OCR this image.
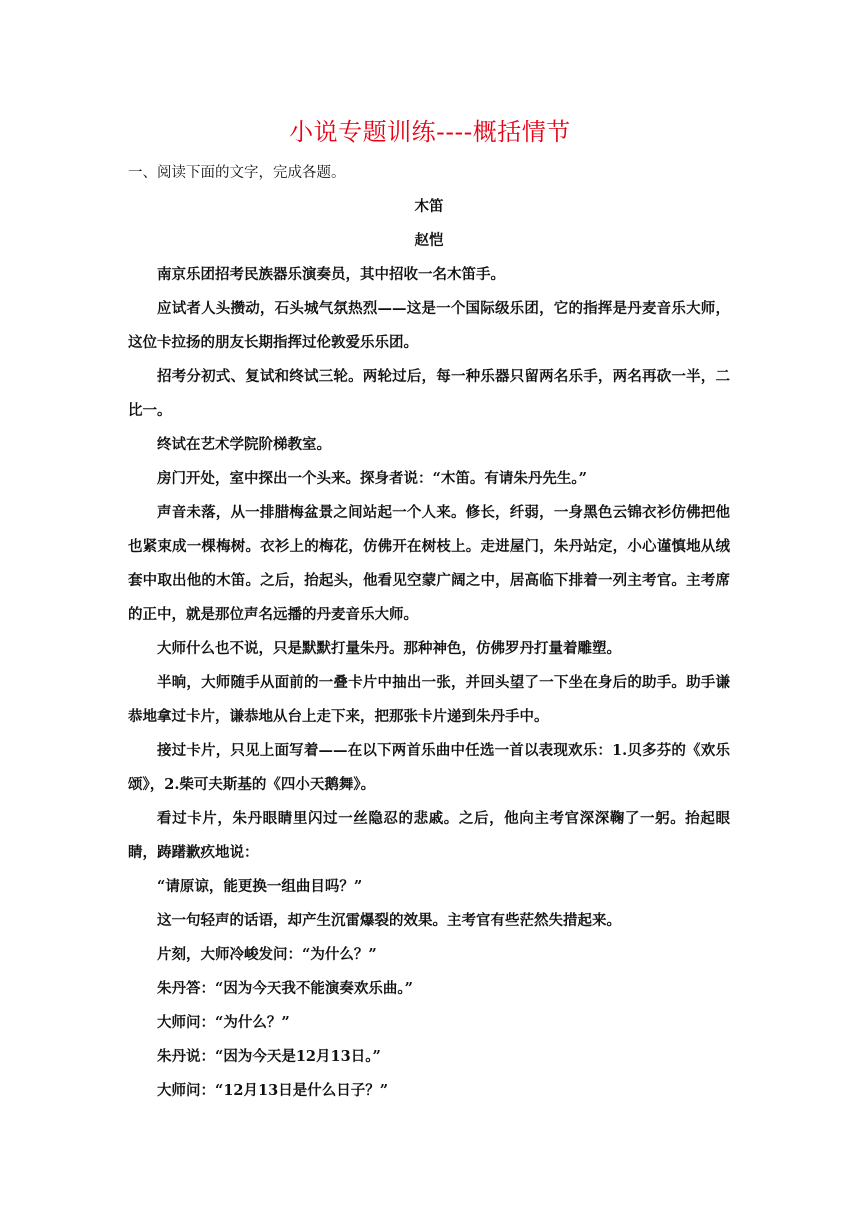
小说专题训练----概括情节

一、阅读下面的文字，完成各题。

木笛

赵恺

南京乐团招考民族器乐演奏员，其中招收一名木笛手。

应试者人头攒动，石头城气氛热烈——这是一个国际级乐团，它的指挥是丹麦音乐大师，这位卡拉扬的朋友长期指挥过伦敦爱乐乐团。

招考分初式、复试和终试三轮。两轮过后，每一种乐器只留两名乐手，两名再砍一半，二比一。

终试在艺术学院阶梯教室。

房门开处，室中探出一个头来。探身者说：“木笛。有请朱丹先生。”

声音未落，从一排腊梅盆景之间站起一个人来。修长，纤弱，一身黑色云锦衣衫仿佛把他也紧束成一棵梅树。衣衫上的梅花，仿佛开在树枝上。走进屋门，朱丹站定，小心谨慎地从绒套中取出他的木笛。之后，抬起头，他看见空蒙广阔之中，居高临下排着一列主考官。主考席的正中，就是那位声名远播的丹麦音乐大师。

大师什么也不说，只是默默打量朱丹。那种神色，仿佛罗丹打量着雕塑。

半晌，大师随手从面前的一叠卡片中抽出一张，并回头望了一下坐在身后的助手。助手谦恭地拿过卡片，谦恭地从台上走下来，把那张卡片递到朱丹手中。

接过卡片，只见上面写着——在以下两首乐曲中任选一首以表现欢乐：1.贝多芬的《欢乐颂》，2.柴可夫斯基的《四小天鹅舞》。

看过卡片，朱丹眼睛里闪过一丝隐忍的悲戚。之后，他向主考官深深鞠了一躬。抬起眼睛，踌躇歉疚地说：

“请原谅，能更换一组曲目吗？”

这一句轻声的话语，却产生沉雷爆裂的效果。主考官有些茫然失措起来。

片刻，大师冷峻发问：“为什么？”

朱丹答：“因为今天我不能演奏欢乐曲。”

大师问：“为什么？”

朱丹说：“因为今天是12月13日。”

大师问：“12月13日是什么日子？”
